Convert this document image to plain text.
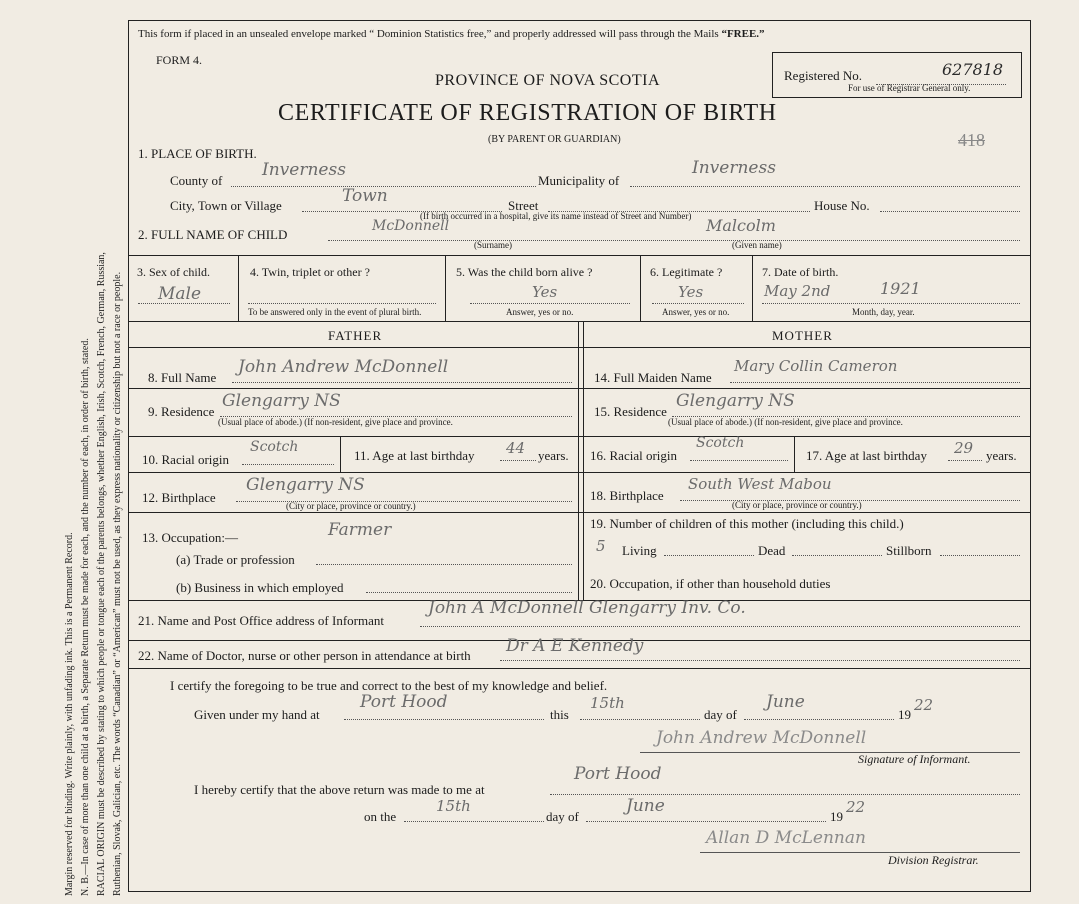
Margin reserved for binding. Write plainly, with unfading ink. This is a Permanent Record. N. B.—In case of more than one child at a birth, a Separate Return must be made for each, and the number of each, in order of birth, stated. RACIAL ORIGIN must be described by stating to which people or tongue each of the parents belongs, whether English, Irish, Scotch, French, German, Russian, Ruthenian, Slovak, Galician, etc. The words “Canadian” or “American” must not be used, as they express nationality or citizenship but not a race or people.
This form if placed in an unsealed envelope marked “ Dominion Statistics free,” and properly addressed will pass through the Mails “FREE.”
FORM 4.
PROVINCE OF NOVA SCOTIA
CERTIFICATE OF REGISTRATION OF BIRTH
(BY PARENT OR GUARDIAN)
Registered No.	627818
For use of Registrar General only.
418
1. PLACE OF BIRTH.
County of
Inverness
Municipality of
Inverness
City, Town or Village	Town	Street	House No.
(If birth occurred in a hospital, give its name instead of Street and Number)
2. FULL NAME OF CHILD
McDonnell	Malcolm
(Surname)	(Given name)
3. Sex of child.
Male
4. Twin, triplet or other ?
To be answered only in the event of plural birth.
5. Was the child born alive ?
Yes
Answer, yes or no.
6. Legitimate ?
Yes
Answer, yes or no.
7. Date of birth.
May 2nd	1921
Month, day, year.
FATHER	MOTHER
8. Full Name
John Andrew McDonnell
9. Residence
Glengarry NS
(Usual place of abode.) (If non-resident, give place and province.
10. Racial origin
Scotch
11. Age at last birthday 44 years.
12. Birthplace
Glengarry NS
(City or place, province or country.)
13. Occupation:—	Farmer
(a) Trade or profession
(b) Business in which employed
14. Full Maiden Name
Mary Collin Cameron
15. Residence
Glengarry NS
(Usual place of abode.) (If non-resident, give place and province.
16. Racial origin
Scotch
17. Age at last birthday 29 years.
18. Birthplace
South West Mabou
(City or place, province or country.)
19. Number of children of this mother (including this child.)
5 Living	Dead	Stillborn
20. Occupation, if other than household duties
21. Name and Post Office address of Informant
John A McDonnell Glengarry Inv. Co.
22. Name of Doctor, nurse or other person in attendance at birth Dr A E Kennedy
I certify the foregoing to be true and correct to the best of my knowledge and belief.
Given under my hand at
Port Hood
this
15th
day of
June
19
22
John Andrew McDonnell
Signature of Informant.
I hereby certify that the above return was made to me at
Port Hood
on the
15th
day of
June
19
22
Allan D McLennan
Division Registrar.
